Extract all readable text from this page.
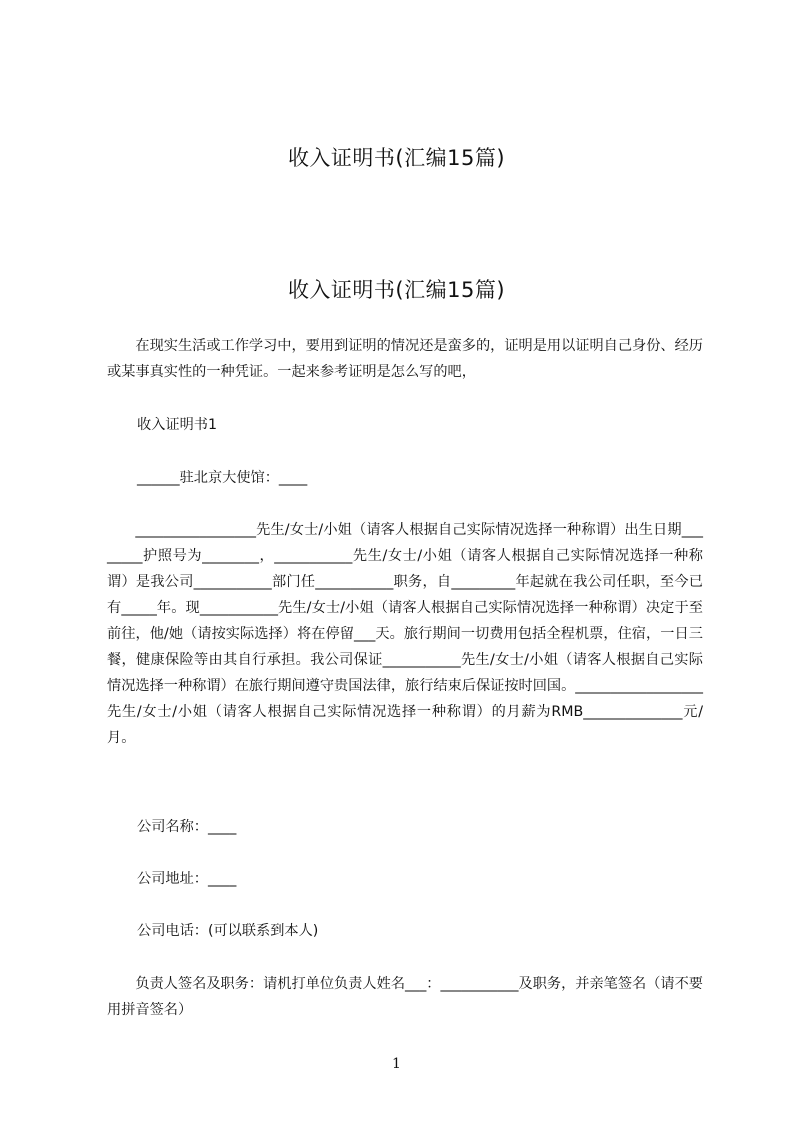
收入证明书(汇编15篇)
收入证明书(汇编15篇)

在现实生活或工作学习中，要用到证明的情况还是蛮多的，证明是用以证明自己身份、经历或某事真实性的一种凭证。一起来参考证明是怎么写的吧，

收入证明书1
______驻北京大使馆：____

_________________先生/女士/小姐（请客人根据自己实际情况选择一种称谓）出生日期________护照号为________，___________先生/女士/小姐（请客人根据自己实际情况选择一种称谓）是我公司___________部门任___________职务，自_________年起就在我公司任职，至今已有_____年。现___________先生/女士/小姐（请客人根据自己实际情况选择一种称谓）决定于至前往，他/她（请按实际选择）将在停留___天。旅行期间一切费用包括全程机票，住宿，一日三餐，健康保险等由其自行承担。我公司保证___________先生/女士/小姐（请客人根据自己实际情况选择一种称谓）在旅行期间遵守贵国法律，旅行结束后保证按时回国。__________________先生/女士/小姐（请客人根据自己实际情况选择一种称谓）的月薪为RMB______________元/月。

公司名称：____
公司地址：____
公司电话：(可以联系到本人)

负责人签名及职务：请机打单位负责人姓名___：___________及职务，并亲笔签名（请不要用拼音签名）

1
